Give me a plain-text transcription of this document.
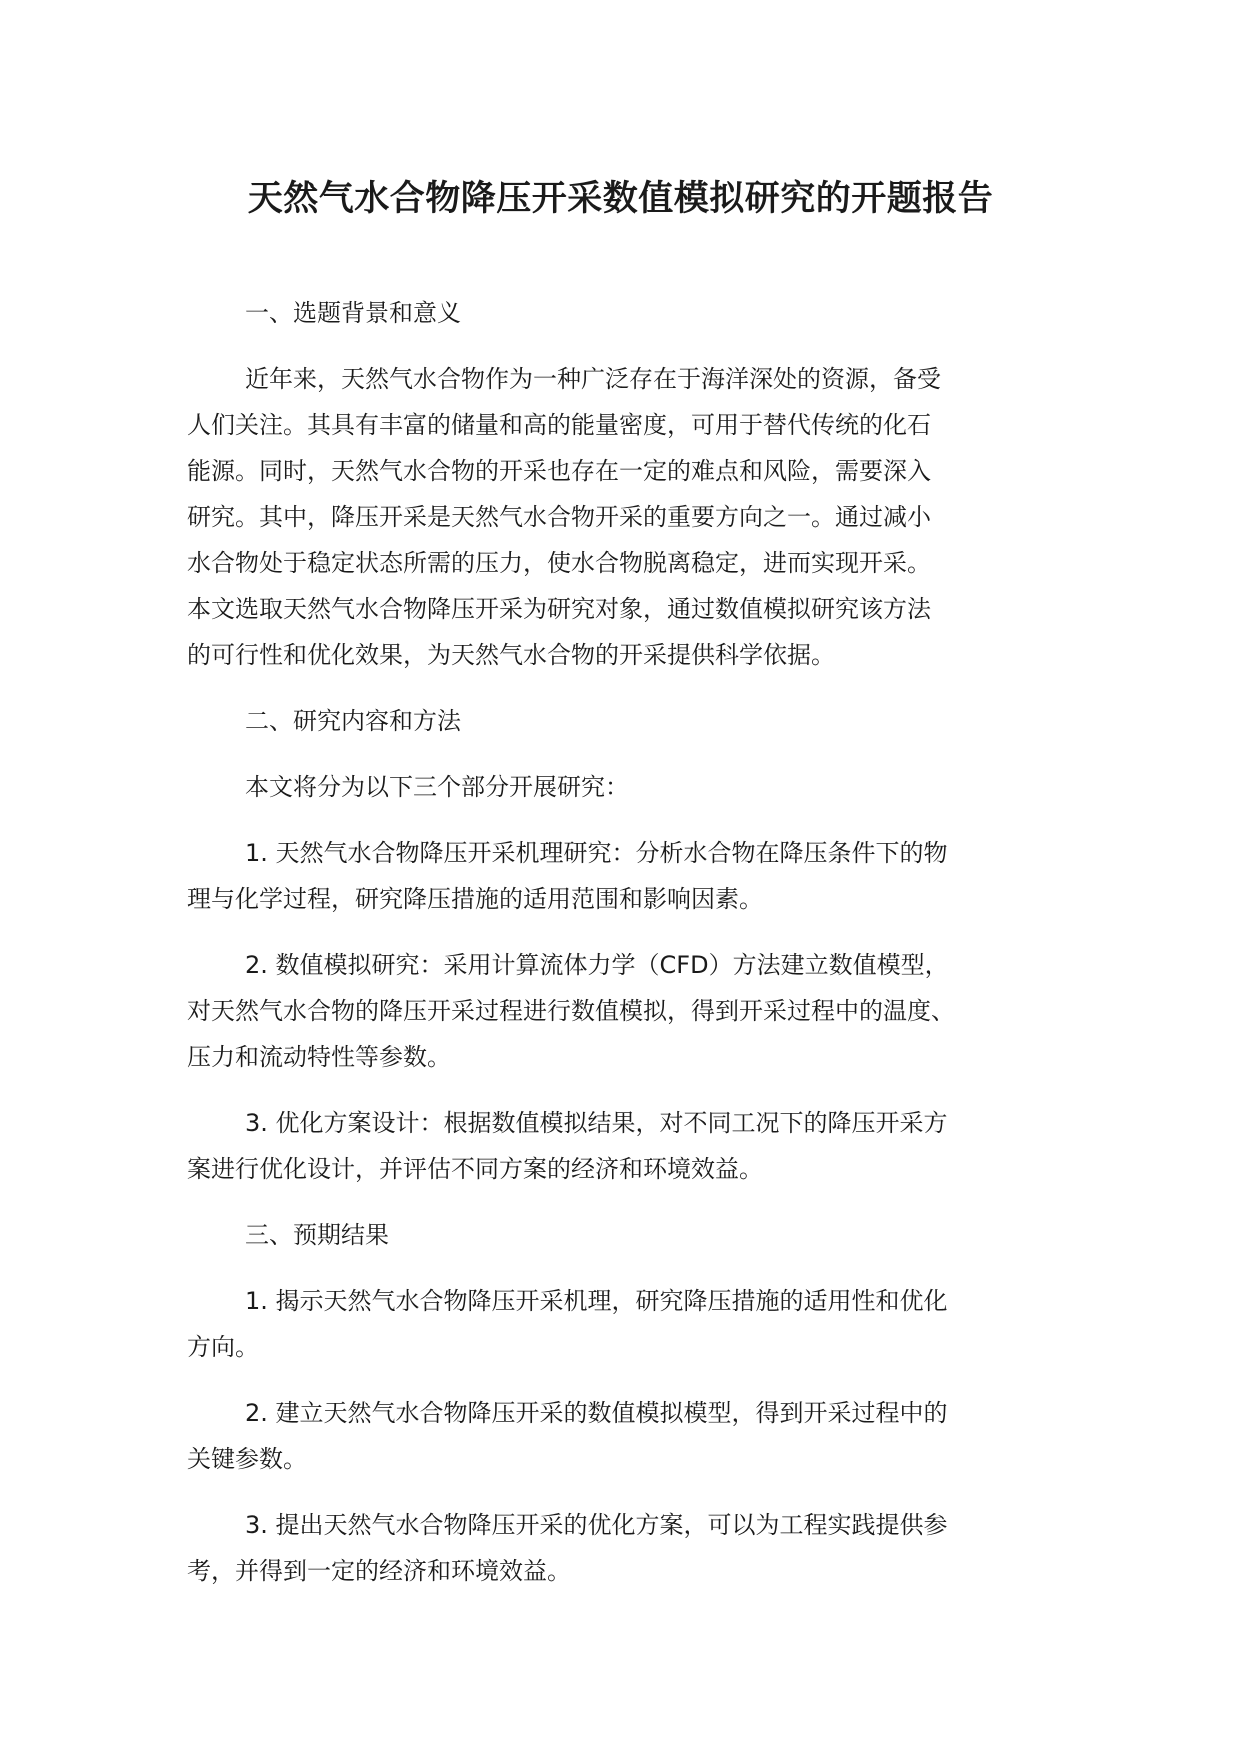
天然气水合物降压开采数值模拟研究的开题报告
一、选题背景和意义
近年来，天然气水合物作为一种广泛存在于海洋深处的资源，备受
人们关注。其具有丰富的储量和高的能量密度，可用于替代传统的化石
能源。同时，天然气水合物的开采也存在一定的难点和风险，需要深入
研究。其中，降压开采是天然气水合物开采的重要方向之一。通过减小
水合物处于稳定状态所需的压力，使水合物脱离稳定，进而实现开采。
本文选取天然气水合物降压开采为研究对象，通过数值模拟研究该方法
的可行性和优化效果，为天然气水合物的开采提供科学依据。
二、研究内容和方法
本文将分为以下三个部分开展研究：
1. 天然气水合物降压开采机理研究：分析水合物在降压条件下的物
理与化学过程，研究降压措施的适用范围和影响因素。
2. 数值模拟研究：采用计算流体力学（CFD）方法建立数值模型，
对天然气水合物的降压开采过程进行数值模拟，得到开采过程中的温度、
压力和流动特性等参数。
3. 优化方案设计：根据数值模拟结果，对不同工况下的降压开采方
案进行优化设计，并评估不同方案的经济和环境效益。
三、预期结果
1. 揭示天然气水合物降压开采机理，研究降压措施的适用性和优化
方向。
2. 建立天然气水合物降压开采的数值模拟模型，得到开采过程中的
关键参数。
3. 提出天然气水合物降压开采的优化方案，可以为工程实践提供参
考，并得到一定的经济和环境效益。
